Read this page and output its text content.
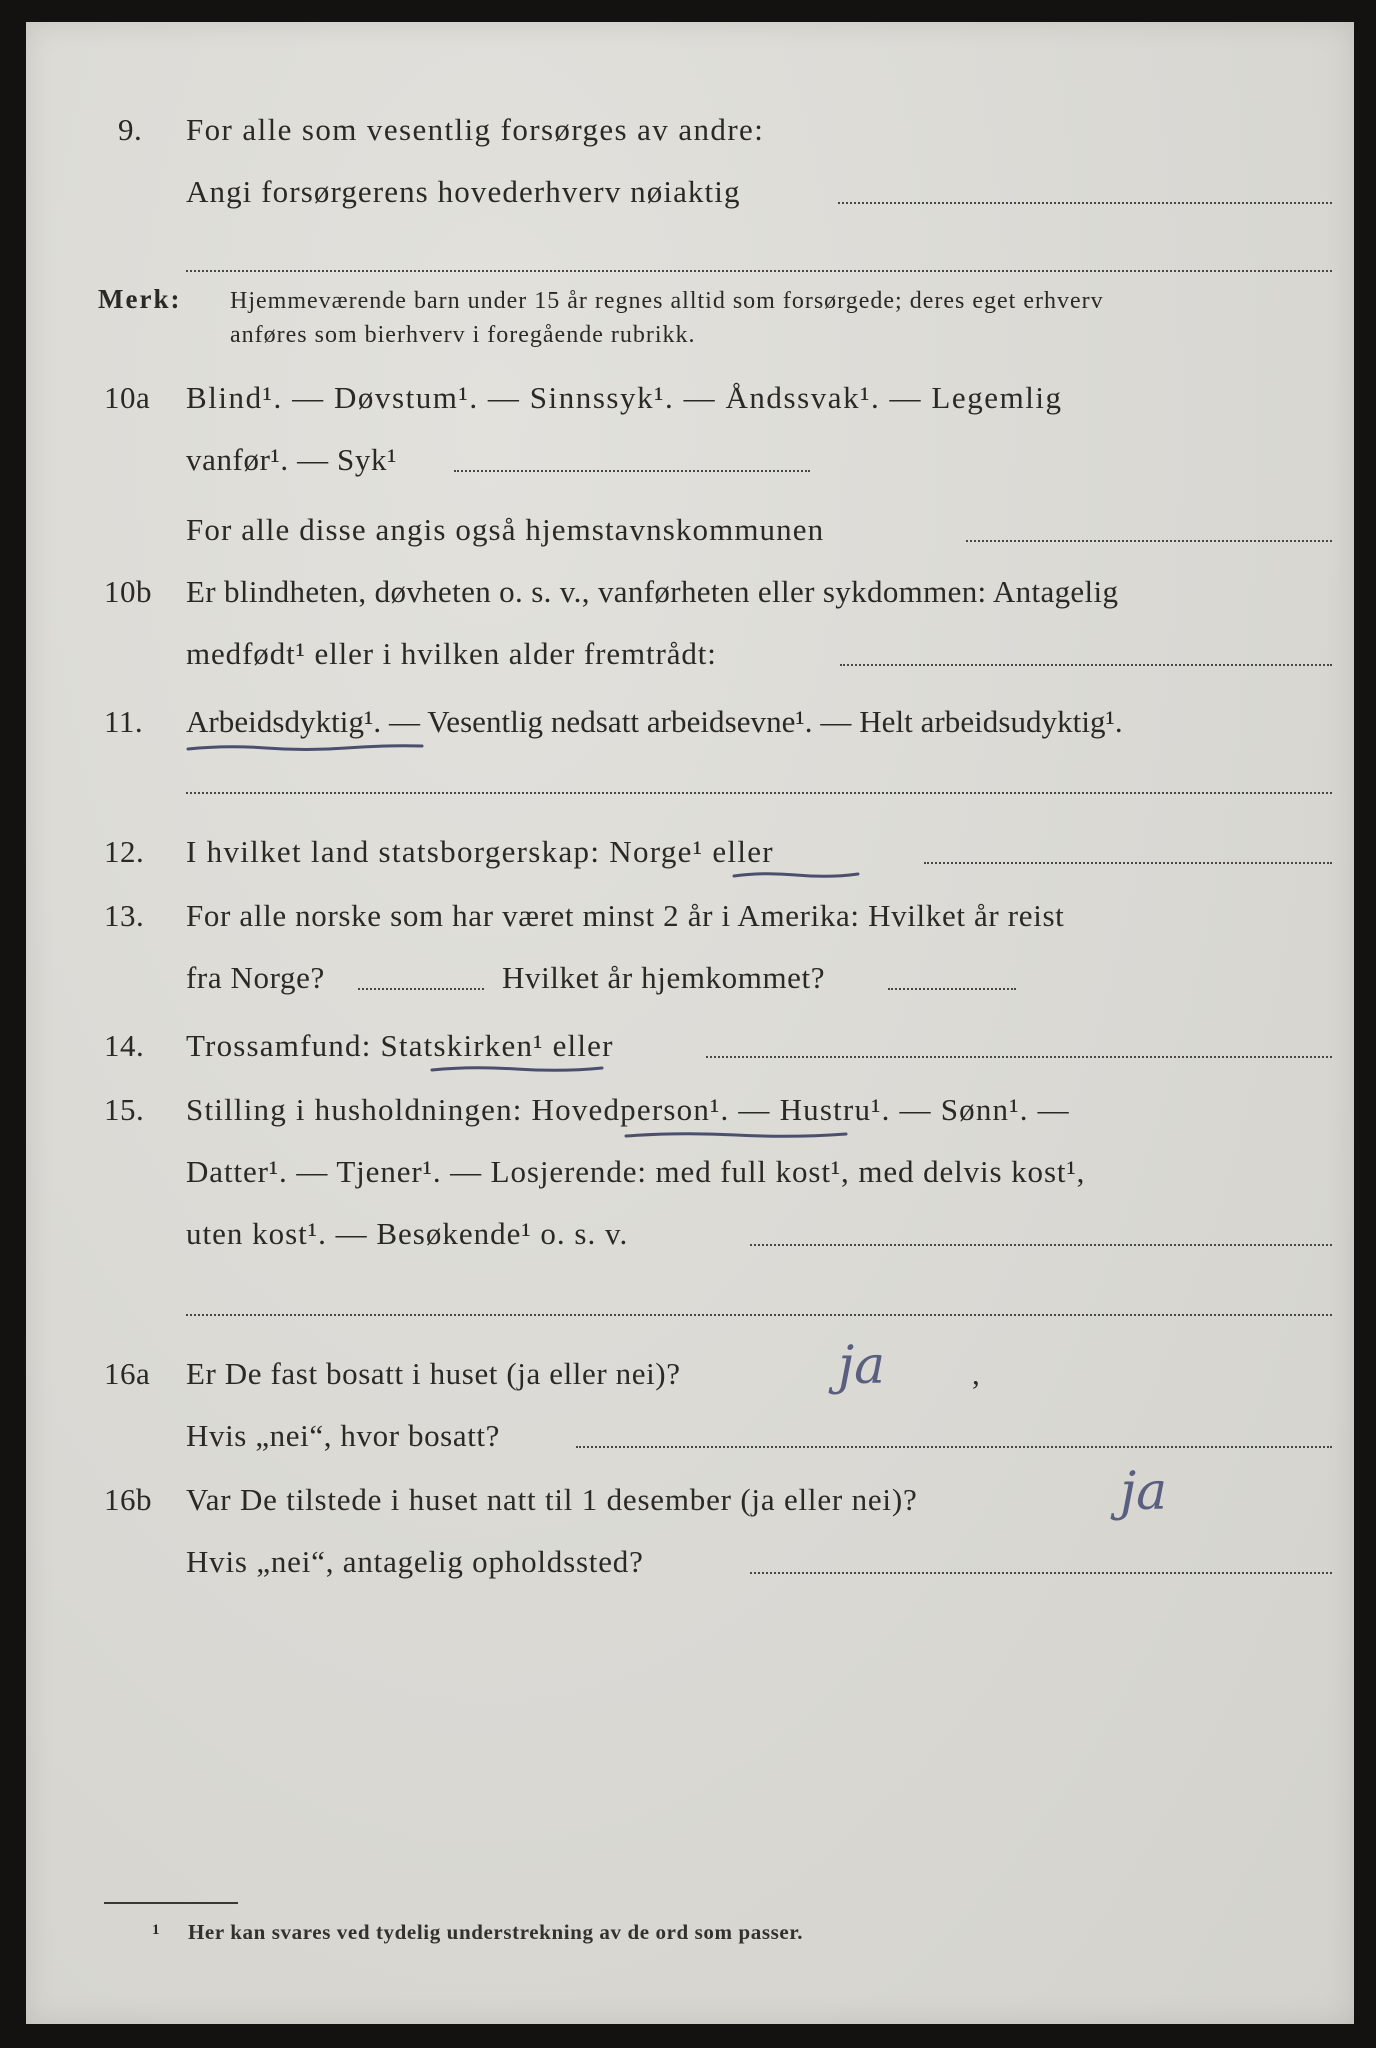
9. For alle som vesentlig forsørges av andre:
Angi forsørgerens hovederhverv nøiaktig
Merk: Hjemmeværende barn under 15 år regnes alltid som forsørgede; deres eget erhverv
anføres som bierhverv i foregående rubrikk.
10a Blind¹. — Døvstum¹. — Sinnssyk¹. — Åndssvak¹. — Legemlig
vanfør¹. — Syk¹
For alle disse angis også hjemstavnskommunen
10b Er blindheten, døvheten o. s. v., vanførheten eller sykdommen: Antagelig
medfødt¹ eller i hvilken alder fremtrådt:
11. Arbeidsdyktig¹. — Vesentlig nedsatt arbeidsevne¹. — Helt arbeidsudyktig¹.
12. I hvilket land statsborgerskap: Norge¹ eller
13. For alle norske som har været minst 2 år i Amerika: Hvilket år reist
fra Norge?	Hvilket år hjemkommet?
14. Trossamfund: Statskirken¹ eller
15. Stilling i husholdningen: Hovedperson¹. — Hustru¹. — Sønn¹. —
Datter¹. — Tjener¹. — Losjerende: med full kost¹, med delvis kost¹,
uten kost¹. — Besøkende¹ o. s. v.
16a Er De fast bosatt i huset (ja eller nei)?	ja	,
Hvis „nei“, hvor bosatt?
16b Var De tilstede i huset natt til 1 desember (ja eller nei)?	ja
Hvis „nei“, antagelig opholdssted?
1 Her kan svares ved tydelig understrekning av de ord som passer.
